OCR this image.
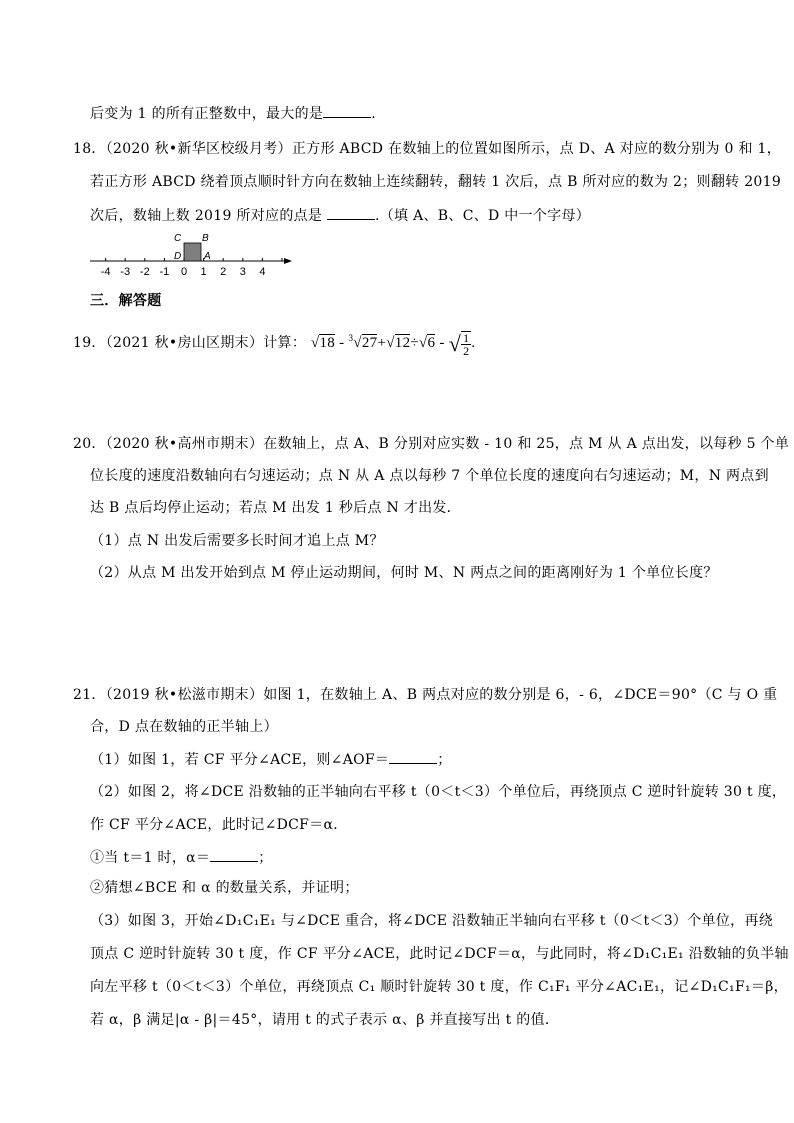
后变为 1 的所有正整数中，最大的是	.
18．（2020 秋•新华区校级月考）正方形 ABCD 在数轴上的位置如图所示，点 D、A 对应的数分别为 0 和 1，
若正方形 ABCD 绕着顶点顺时针方向在数轴上连续翻转，翻转 1 次后，点 B 所对应的数为 2；则翻转 2019
次后，数轴上数 2019 所对应的点是	.（填 A、B、C、D 中一个字母）
-4 -3 -2 -1 0 1 2 3 4
C B
D A
三．解答题
19．（2021 秋•房山区期末）计算： √18 - $^3$√27+√12÷√6 - √ $\frac{1}{2}$ .
20．（2020 秋•高州市期末）在数轴上，点 A、B 分别对应实数 - 10 和 25，点 M 从 A 点出发，以每秒 5 个单
位长度的速度沿数轴向右匀速运动；点 N 从 A 点以每秒 7 个单位长度的速度向右匀速运动；M，N 两点到
达 B 点后均停止运动；若点 M 出发 1 秒后点 N 才出发．
（1）点 N 出发后需要多长时间才追上点 M？
（2）从点 M 出发开始到点 M 停止运动期间，何时 M、N 两点之间的距离刚好为 1 个单位长度？
21．（2019 秋•松滋市期末）如图 1，在数轴上 A、B 两点对应的数分别是 6，- 6，∠DCE＝90°（C 与 O 重
合，D 点在数轴的正半轴上）
（1）如图 1，若 CF 平分∠ACE，则∠AOF＝	；
（2）如图 2，将∠DCE 沿数轴的正半轴向右平移 t（0＜t＜3）个单位后，再绕顶点 C 逆时针旋转 30 t 度，
作 CF 平分∠ACE，此时记∠DCF＝α．
①当 t＝1 时，α＝	；
②猜想∠BCE 和 α 的数量关系，并证明；
（3）如图 3，开始∠D₁C₁E₁ 与∠DCE 重合，将∠DCE 沿数轴正半轴向右平移 t（0＜t＜3）个单位，再绕
顶点 C 逆时针旋转 30 t 度，作 CF 平分∠ACE，此时记∠DCF＝α，与此同时，将∠D₁C₁E₁ 沿数轴的负半轴
向左平移 t（0＜t＜3）个单位，再绕顶点 C₁ 顺时针旋转 30 t 度，作 C₁F₁ 平分∠AC₁E₁，记∠D₁C₁F₁＝β，
若 α，β 满足|α - β|＝45°，请用 t 的式子表示 α、β 并直接写出 t 的值．
